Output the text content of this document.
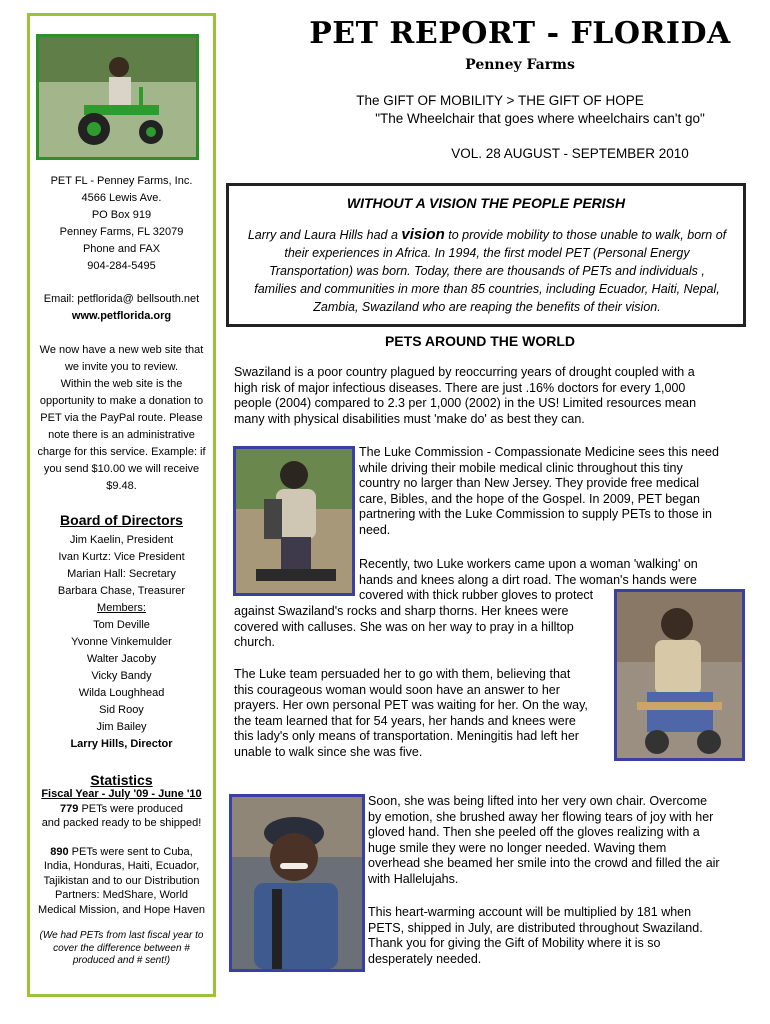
PET FL - Penney Farms, Inc.
4566 Lewis Ave.
PO Box 919
Penney Farms, FL 32079
Phone and FAX
904-284-5495
Email: petflorida@ bellsouth.net
www.petflorida.org
We now have a new web site that
we invite you to review.
Within the web site is the
opportunity to make a donation to
PET via the PayPal route. Please
note there is an administrative
charge for this service. Example: if
you send $10.00 we will receive
$9.48.
Board of Directors
Jim Kaelin, President
Ivan Kurtz: Vice President
Marian Hall: Secretary
Barbara Chase, Treasurer
Members:
Tom Deville
Yvonne Vinkemulder
Walter Jacoby
Vicky Bandy
Wilda Loughhead
Sid Rooy
Jim Bailey
Larry Hills, Director
Statistics
Fiscal Year - July '09 - June '10
779 PETs were produced
and packed ready to be shipped!
890 PETs were sent to Cuba,
India, Honduras, Haiti, Ecuador,
Tajikistan and to our Distribution
Partners: MedShare, World
Medical Mission, and Hope Haven
(We had PETs from last fiscal year to
cover the difference between #
produced and # sent!)
PET REPORT - FLORIDA
Penney Farms
The GIFT OF MOBILITY > THE GIFT OF HOPE
"The Wheelchair that goes where wheelchairs can't go"
VOL. 28 AUGUST - SEPTEMBER 2010
WITHOUT A VISION THE PEOPLE PERISH
Larry and Laura Hills had a vision to provide mobility to those unable to walk, born of
their experiences in Africa. In 1994, the first model PET (Personal Energy
Transportation) was born. Today, there are thousands of PETs and individuals ,
families and communities in more than 85 countries, including Ecuador, Haiti, Nepal,
Zambia, Swaziland who are reaping the benefits of their vision.
PETS AROUND THE WORLD
Swaziland is a poor country plagued by reoccurring years of drought coupled with a
high risk of major infectious diseases. There are just .16% doctors for every 1,000
people (2004) compared to 2.3 per 1,000 (2002) in the US! Limited resources mean
many with physical disabilities must 'make do' as best they can.
The Luke Commission - Compassionate Medicine sees this need
while driving their mobile medical clinic throughout this tiny
country no larger than New Jersey. They provide free medical
care, Bibles, and the hope of the Gospel. In 2009, PET began
partnering with the Luke Commission to supply PETs to those in
need.
Recently, two Luke workers came upon a woman 'walking' on
hands and knees along a dirt road. The woman's hands were
covered with thick rubber gloves to protect
against Swaziland's rocks and sharp thorns. Her knees were
covered with calluses. She was on her way to pray in a hilltop
church.
The Luke team persuaded her to go with them, believing that
this courageous woman would soon have an answer to her
prayers. Her own personal PET was waiting for her. On the way,
the team learned that for 54 years, her hands and knees were
this lady's only means of transportation. Meningitis had left her
unable to walk since she was five.
Soon, she was being lifted into her very own chair. Overcome
by emotion, she brushed away her flowing tears of joy with her
gloved hand. Then she peeled off the gloves realizing with a
huge smile they were no longer needed. Waving them
overhead she beamed her smile into the crowd and filled the air
with Hallelujahs.
This heart-warming account will be multiplied by 181 when
PETS, shipped in July, are distributed throughout Swaziland.
Thank you for giving the Gift of Mobility where it is so
desperately needed.
